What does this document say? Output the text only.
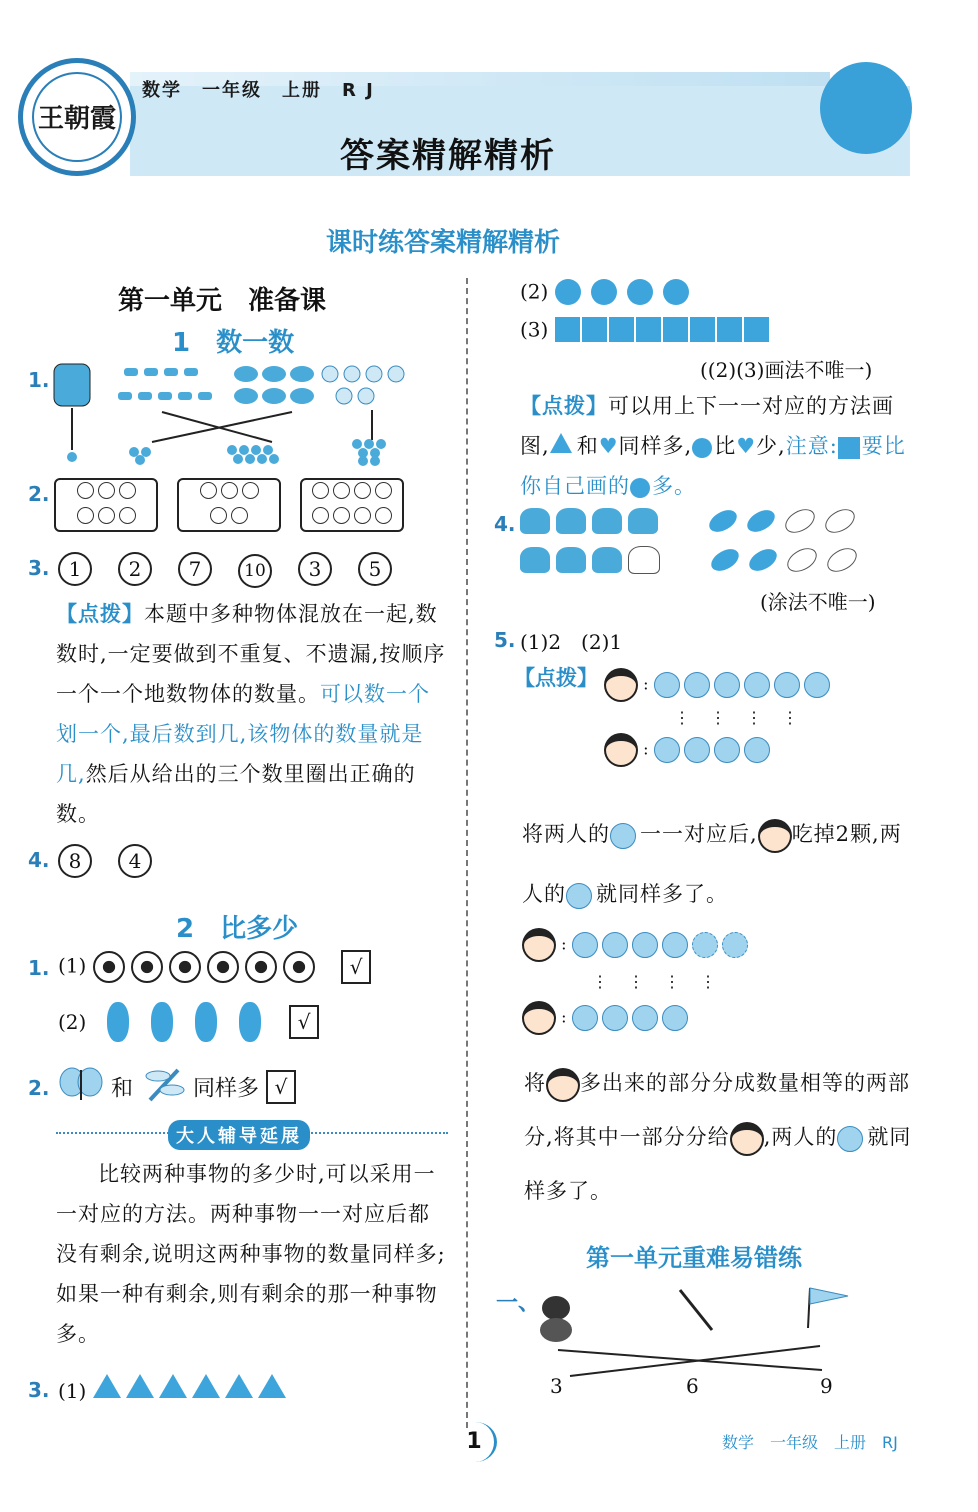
王朝霞
数学　一年级　上册　R J
答案精解精析
课时练答案精解精析
第一单元　准备课
1　数一数
1.
2.

3. 1 2 7	10 3 5
【点拨】本题中多种物体混放在一起,数数时,一定要做到不重复、不遗漏,按顺序一个一个地数物体的数量。可以数一个划一个,最后数到几,该物体的数量就是几,然后从给出的三个数里圈出正确的数。
4. 8 4
2　比多少
1. (1)	√
(2)	√
2.	和	同样多 √
大人辅导延展
比较两种事物的多少时,可以采用一一对应的方法。两种事物一一对应后都没有剩余,说明这两种事物的数量同样多;如果一种有剩余,则有剩余的那一种事物多。
3. (1)
(2)
(3)
((2)(3)画法不唯一)
【点拨】可以用上下一一对应的方法画图, 和♥同样多, 比♥少,注意: 要比你自己画的 多。
4.

(涂法不唯一)
5. (1)2　(2)1
【点拨】	:
⋮⋮⋮⋮
:
将两人的 一一对应后, 吃掉2颗,两人的 就同样多了。
:
⋮⋮⋮⋮
:
将 多出来的部分分成数量相等的两部分,将其中一部分分给 ,两人的 就同样多了。
第一单元重难易错练
一、
3	6	9
1	数学　一年级　上册　RJ
